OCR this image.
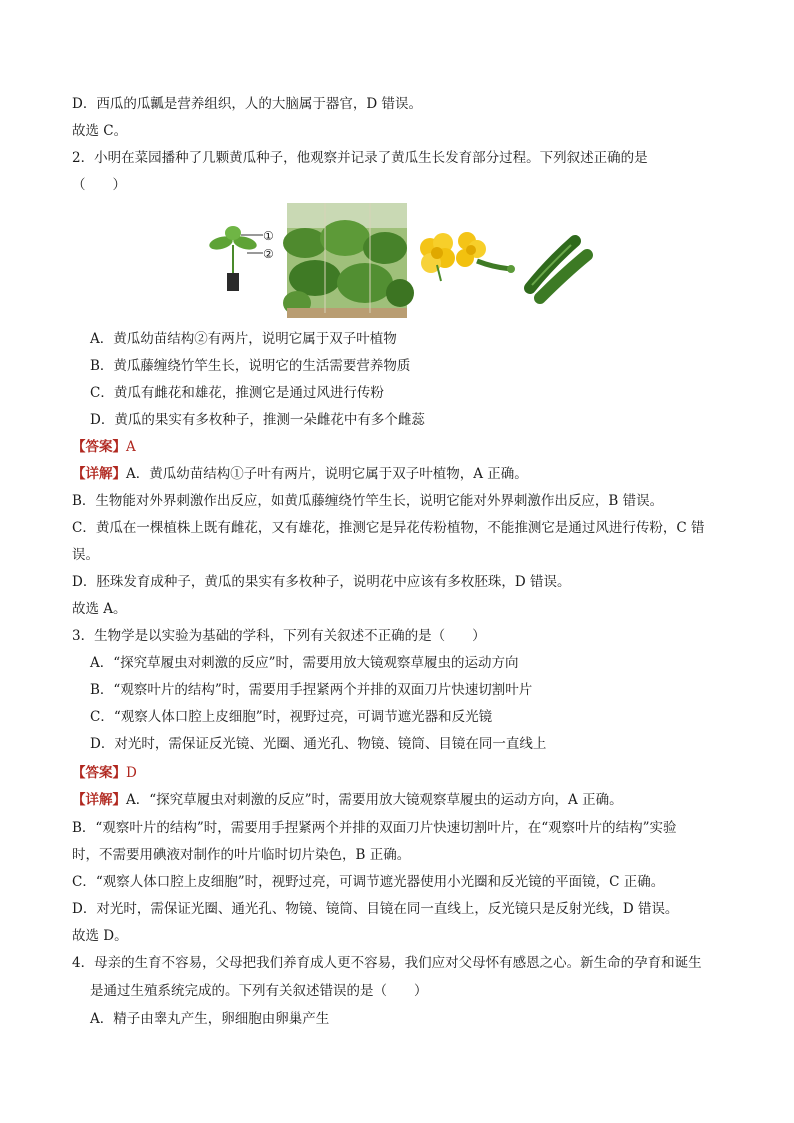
D．西瓜的瓜瓤是营养组织，人的大脑属于器官，D 错误。
故选 C。
2．小明在菜园播种了几颗黄瓜种子，他观察并记录了黄瓜生长发育部分过程。下列叙述正确的是
（　　）
①
②
A．黄瓜幼苗结构②有两片，说明它属于双子叶植物
B．黄瓜藤缠绕竹竿生长，说明它的生活需要营养物质
C．黄瓜有雌花和雄花，推测它是通过风进行传粉
D．黄瓜的果实有多枚种子，推测一朵雌花中有多个雌蕊
【答案】A
【详解】A．黄瓜幼苗结构①子叶有两片，说明它属于双子叶植物，A 正确。
B．生物能对外界刺激作出反应，如黄瓜藤缠绕竹竿生长，说明它能对外界刺激作出反应，B 错误。
C．黄瓜在一棵植株上既有雌花，又有雄花，推测它是异花传粉植物，不能推测它是通过风进行传粉，C 错
误。
D．胚珠发育成种子，黄瓜的果实有多枚种子，说明花中应该有多枚胚珠，D 错误。
故选 A。
3．生物学是以实验为基础的学科，下列有关叙述不正确的是（　　）
A．“探究草履虫对刺激的反应”时，需要用放大镜观察草履虫的运动方向
B．“观察叶片的结构”时，需要用手捏紧两个并排的双面刀片快速切割叶片
C．“观察人体口腔上皮细胞”时，视野过亮，可调节遮光器和反光镜
D．对光时，需保证反光镜、光圈、通光孔、物镜、镜筒、目镜在同一直线上
【答案】D
【详解】A．“探究草履虫对刺激的反应”时，需要用放大镜观察草履虫的运动方向，A 正确。
B．“观察叶片的结构”时，需要用手捏紧两个并排的双面刀片快速切割叶片，在“观察叶片的结构”实验
时，不需要用碘液对制作的叶片临时切片染色，B 正确。
C．“观察人体口腔上皮细胞”时，视野过亮，可调节遮光器使用小光圈和反光镜的平面镜，C 正确。
D．对光时，需保证光圈、通光孔、物镜、镜筒、目镜在同一直线上，反光镜只是反射光线，D 错误。
故选 D。
4．母亲的生育不容易，父母把我们养育成人更不容易，我们应对父母怀有感恩之心。新生命的孕育和诞生
是通过生殖系统完成的。下列有关叙述错误的是（　　）
A．精子由睾丸产生，卵细胞由卵巢产生
